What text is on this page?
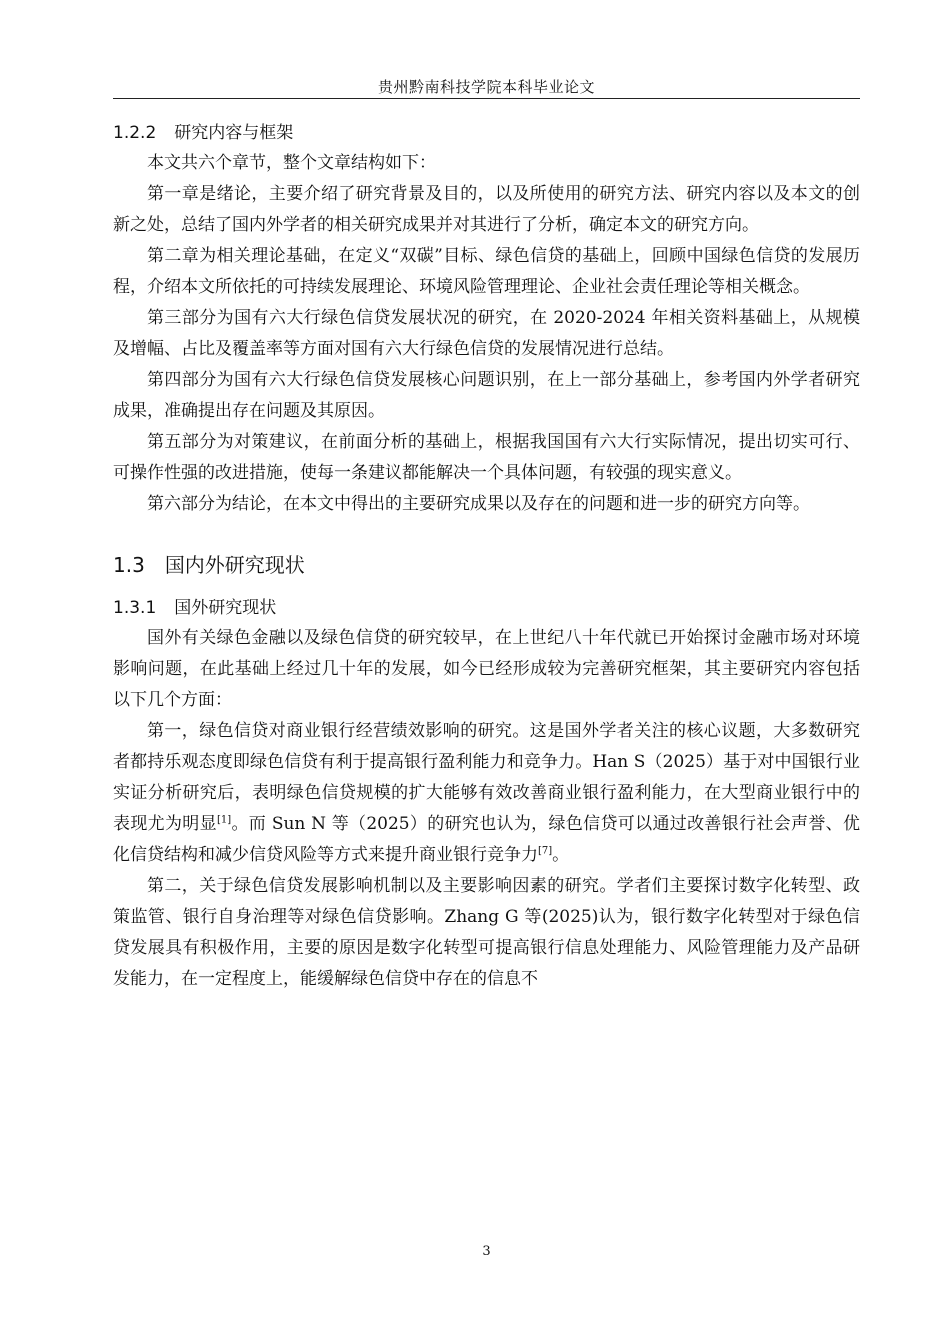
贵州黔南科技学院本科毕业论文
1.2.2 研究内容与框架

本文共六个章节，整个文章结构如下：

第一章是绪论，主要介绍了研究背景及目的，以及所使用的研究方法、研究内容以及本文的创新之处，总结了国内外学者的相关研究成果并对其进行了分析，确定本文的研究方向。

第二章为相关理论基础，在定义“双碳”目标、绿色信贷的基础上，回顾中国绿色信贷的发展历程，介绍本文所依托的可持续发展理论、环境风险管理理论、企业社会责任理论等相关概念。

第三部分为国有六大行绿色信贷发展状况的研究，在 2020-2024 年相关资料基础上，从规模及增幅、占比及覆盖率等方面对国有六大行绿色信贷的发展情况进行总结。

第四部分为国有六大行绿色信贷发展核心问题识别，在上一部分基础上，参考国内外学者研究成果，准确提出存在问题及其原因。

第五部分为对策建议，在前面分析的基础上，根据我国国有六大行实际情况，提出切实可行、可操作性强的改进措施，使每一条建议都能解决一个具体问题，有较强的现实意义。

第六部分为结论，在本文中得出的主要研究成果以及存在的问题和进一步的研究方向等。

1.3 国内外研究现状
1.3.1 国外研究现状

国外有关绿色金融以及绿色信贷的研究较早，在上世纪八十年代就已开始探讨金融市场对环境影响问题，在此基础上经过几十年的发展，如今已经形成较为完善研究框架，其主要研究内容包括以下几个方面：

第一，绿色信贷对商业银行经营绩效影响的研究。这是国外学者关注的核心议题，大多数研究者都持乐观态度即绿色信贷有利于提高银行盈利能力和竞争力。Han S（2025）基于对中国银行业实证分析研究后，表明绿色信贷规模的扩大能够有效改善商业银行盈利能力，在大型商业银行中的表现尤为明显[1]。而 Sun N 等（2025）的研究也认为，绿色信贷可以通过改善银行社会声誉、优化信贷结构和减少信贷风险等方式来提升商业银行竞争力[7]。

第二，关于绿色信贷发展影响机制以及主要影响因素的研究。学者们主要探讨数字化转型、政策监管、银行自身治理等对绿色信贷影响。Zhang G 等(2025)认为，银行数字化转型对于绿色信贷发展具有积极作用，主要的原因是数字化转型可提高银行信息处理能力、风险管理能力及产品研发能力，在一定程度上，能缓解绿色信贷中存在的信息不

3
